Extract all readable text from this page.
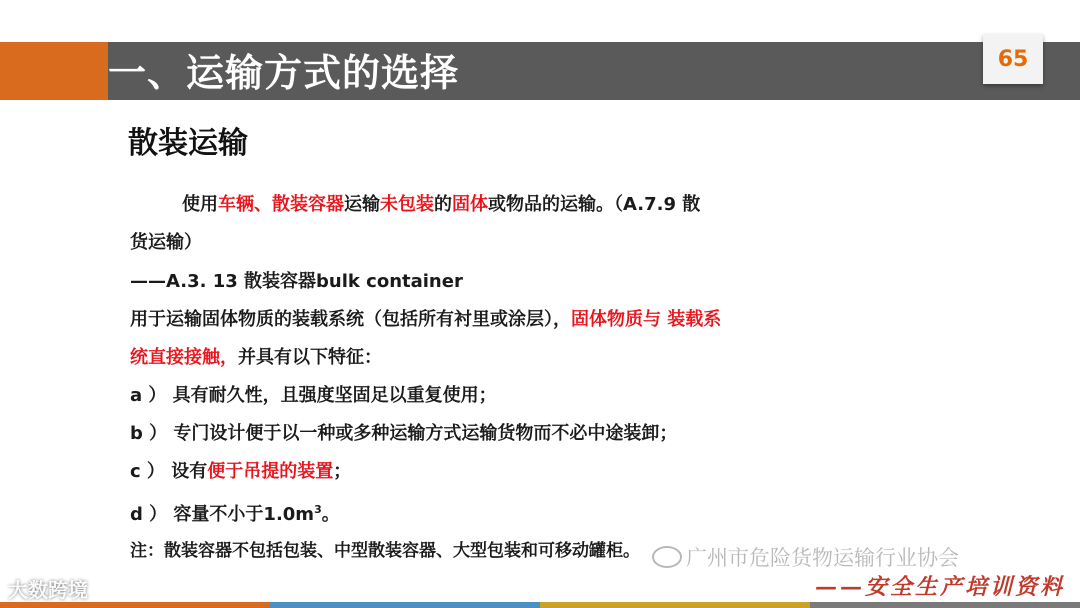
一、运输方式的选择	65
散装运输
使用车辆、散装容器运输未包装的固体或物品的运输。（A.7.9 散
货运输）
——A.3. 13 散装容器bulk container
用于运输固体物质的装载系统（包括所有衬里或涂层），固体物质与 装载系
统直接接触，并具有以下特征：
a ） 具有耐久性，且强度坚固足以重复使用；
b ） 专门设计便于以一种或多种运输方式运输货物而不必中途装卸；
c ） 设有便于吊提的装置；
d ） 容量不小于$1.0m^3$。
注：散装容器不包括包装、中型散装容器、大型包装和可移动罐柜。
大数跨境
广州市危险货物运输行业协会
——安全生产培训资料
